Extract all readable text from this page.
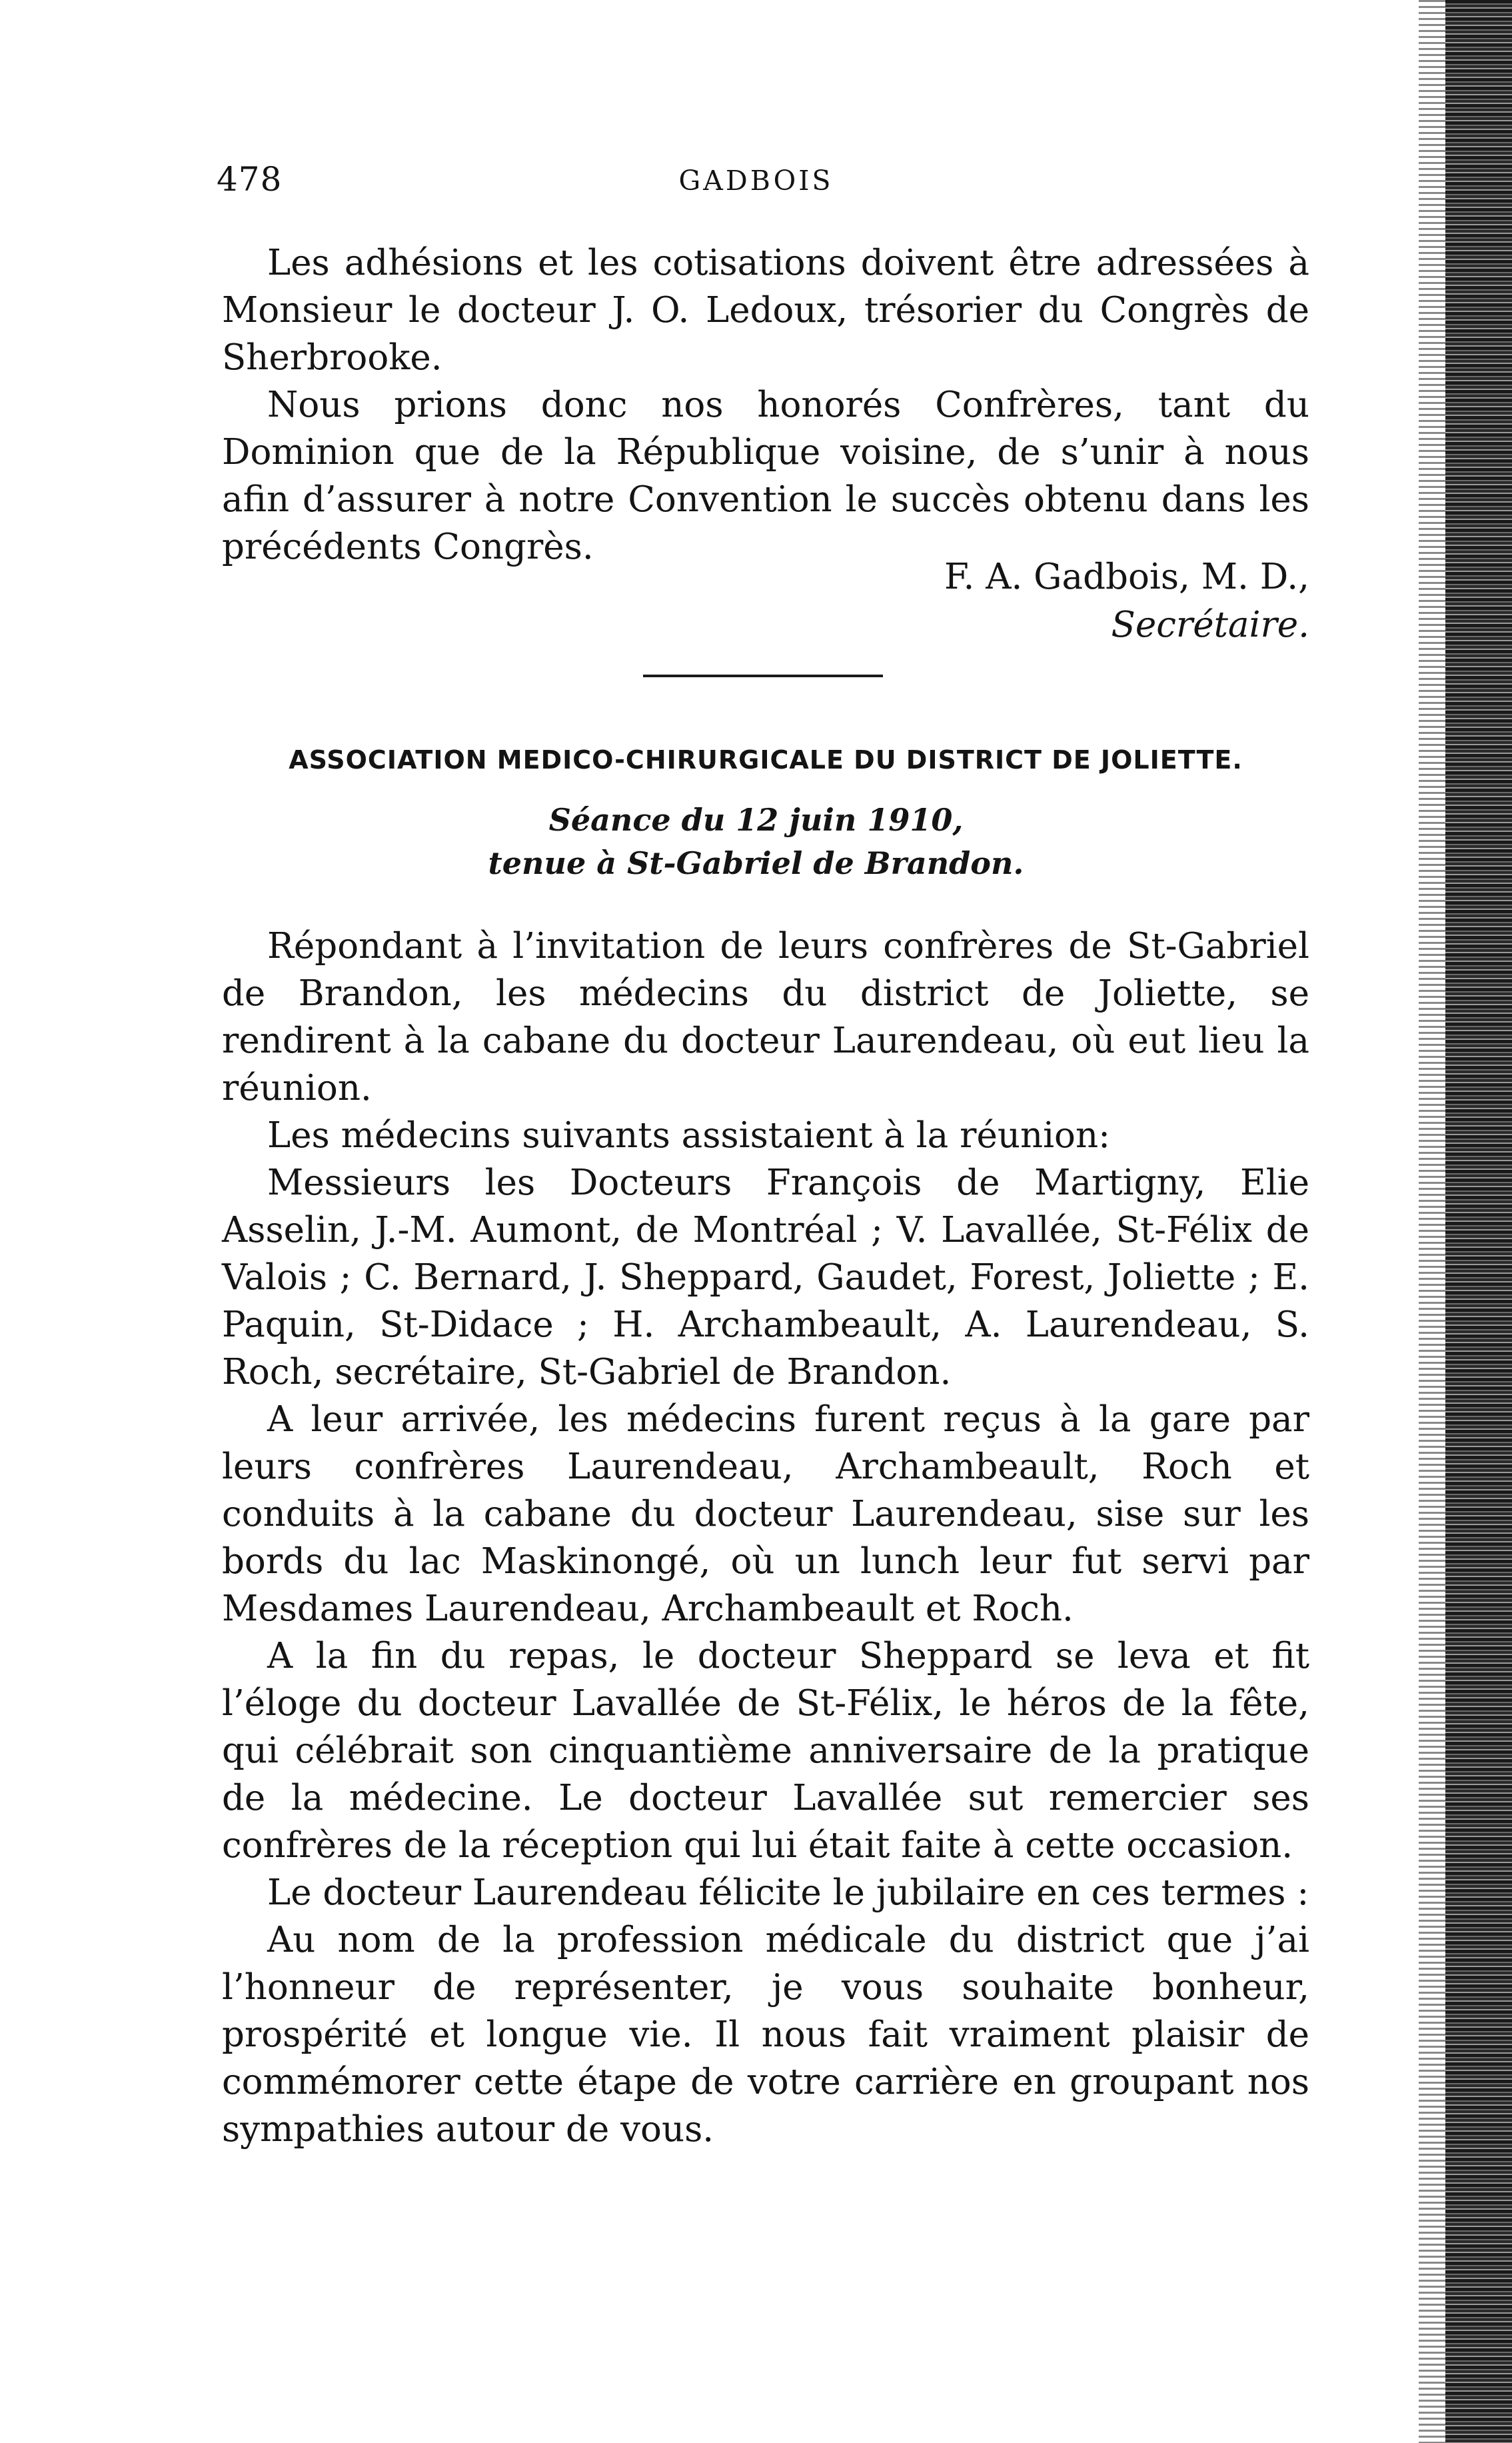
478	GADBOIS

Les adhésions et les cotisations doivent être adressées à Monsieur le docteur J. O. Ledoux, trésorier du Congrès de Sherbrooke.

Nous prions donc nos honorés Confrères, tant du Dominion que de la République voisine, de s’unir à nous afin d’assurer à notre Convention le succès obtenu dans les précédents Congrès.

F. A. Gadbois, M. D.,
Secrétaire.
ASSOCIATION MEDICO-CHIRURGICALE DU DISTRICT DE JOLIETTE.
Séance du 12 juin 1910,
tenue à St-Gabriel de Brandon.

Répondant à l’invitation de leurs confrères de St-Gabriel de Brandon, les médecins du district de Joliette, se rendirent à la cabane du docteur Laurendeau, où eut lieu la réunion.

Les médecins suivants assistaient à la réunion:

Messieurs les Docteurs François de Martigny, Elie Asselin, J.-M. Aumont, de Montréal ; V. Lavallée, St-Félix de Valois ; C. Bernard, J. Sheppard, Gaudet, Forest, Joliette ; E. Paquin, St-Didace ; H. Archambeault, A. Laurendeau, S. Roch, secrétaire, St-Gabriel de Brandon.

A leur arrivée, les médecins furent reçus à la gare par leurs confrères Laurendeau, Archambeault, Roch et conduits à la cabane du docteur Laurendeau, sise sur les bords du lac Maskinongé, où un lunch leur fut servi par Mesdames Laurendeau, Archambeault et Roch.

A la fin du repas, le docteur Sheppard se leva et fit l’éloge du docteur Lavallée de St-Félix, le héros de la fête, qui célébrait son cinquantième anniversaire de la pratique de la médecine. Le docteur Lavallée sut remercier ses confrères de la réception qui lui était faite à cette occasion.

Le docteur Laurendeau félicite le jubilaire en ces termes :

Au nom de la profession médicale du district que j’ai l’honneur de représenter, je vous souhaite bonheur, prospérité et longue vie. Il nous fait vraiment plaisir de commémorer cette étape de votre carrière en groupant nos sympathies autour de vous.
